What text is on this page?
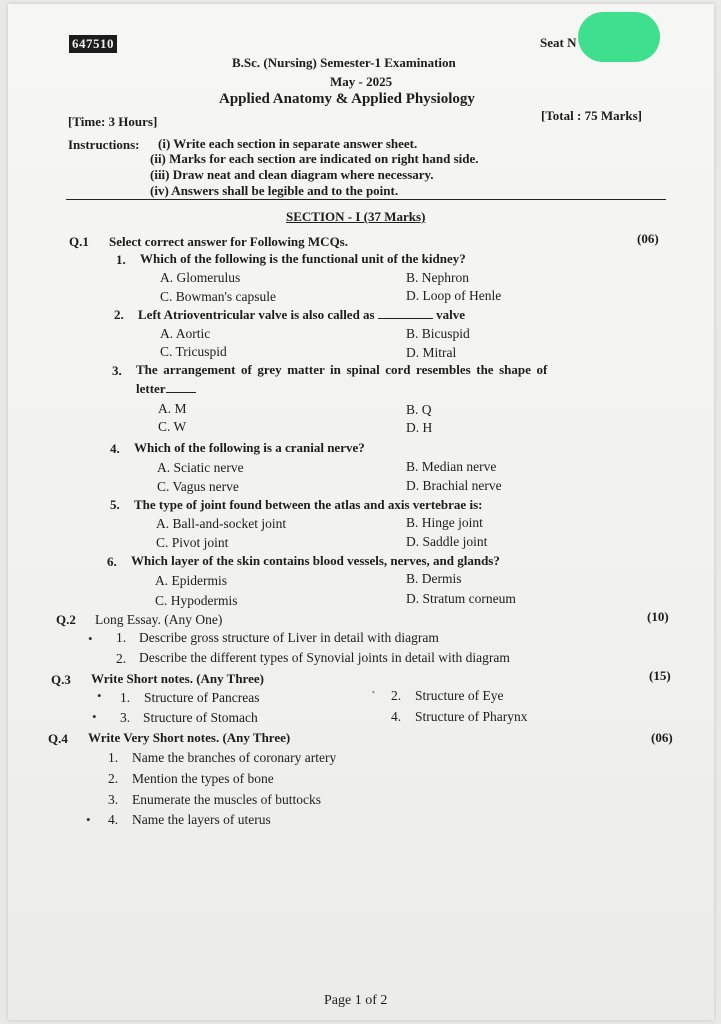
647510	Seat N
B.Sc. (Nursing) Semester-1 Examination
May - 2025
Applied Anatomy & Applied Physiology
[Time: 3 Hours]	[Total : 75 Marks]
Instructions: (i) Write each section in separate answer sheet.
(ii) Marks for each section are indicated on right hand side.
(iii) Draw neat and clean diagram where necessary.
(iv) Answers shall be legible and to the point.
SECTION - I (37 Marks)
Q.1 Select correct answer for Following MCQs.	(06)
1. Which of the following is the functional unit of the kidney?
A. Glomerulus	B. Nephron
C. Bowman's capsule	D. Loop of Henle
2. Left Atrioventricular valve is also called as	valve
A. Aortic	B. Bicuspid
C. Tricuspid	D. Mitral
3. The arrangement of grey matter in spinal cord resembles the shape of
letter
A. M	B. Q
C. W	D. H
4. Which of the following is a cranial nerve?
A. Sciatic nerve	B. Median nerve
C. Vagus nerve	D. Brachial nerve
5. The type of joint found between the atlas and axis vertebrae is:
A. Ball-and-socket joint	B. Hinge joint
C. Pivot joint	D. Saddle joint
6. Which layer of the skin contains blood vessels, nerves, and glands?
A. Epidermis	B. Dermis
C. Hypodermis	D. Stratum corneum
Q.2 Long Essay. (Any One)	(10)
• 1. Describe gross structure of Liver in detail with diagram
2. Describe the different types of Synovial joints in detail with diagram
Q.3 Write Short notes. (Any Three)	(15)
• 1. Structure of Pancreas	˺ 2. Structure of Eye
• 3. Structure of Stomach	4. Structure of Pharynx
Q.4 Write Very Short notes. (Any Three)	(06)
1. Name the branches of coronary artery
2. Mention the types of bone
3. Enumerate the muscles of buttocks
• 4. Name the layers of uterus
Page 1 of 2
